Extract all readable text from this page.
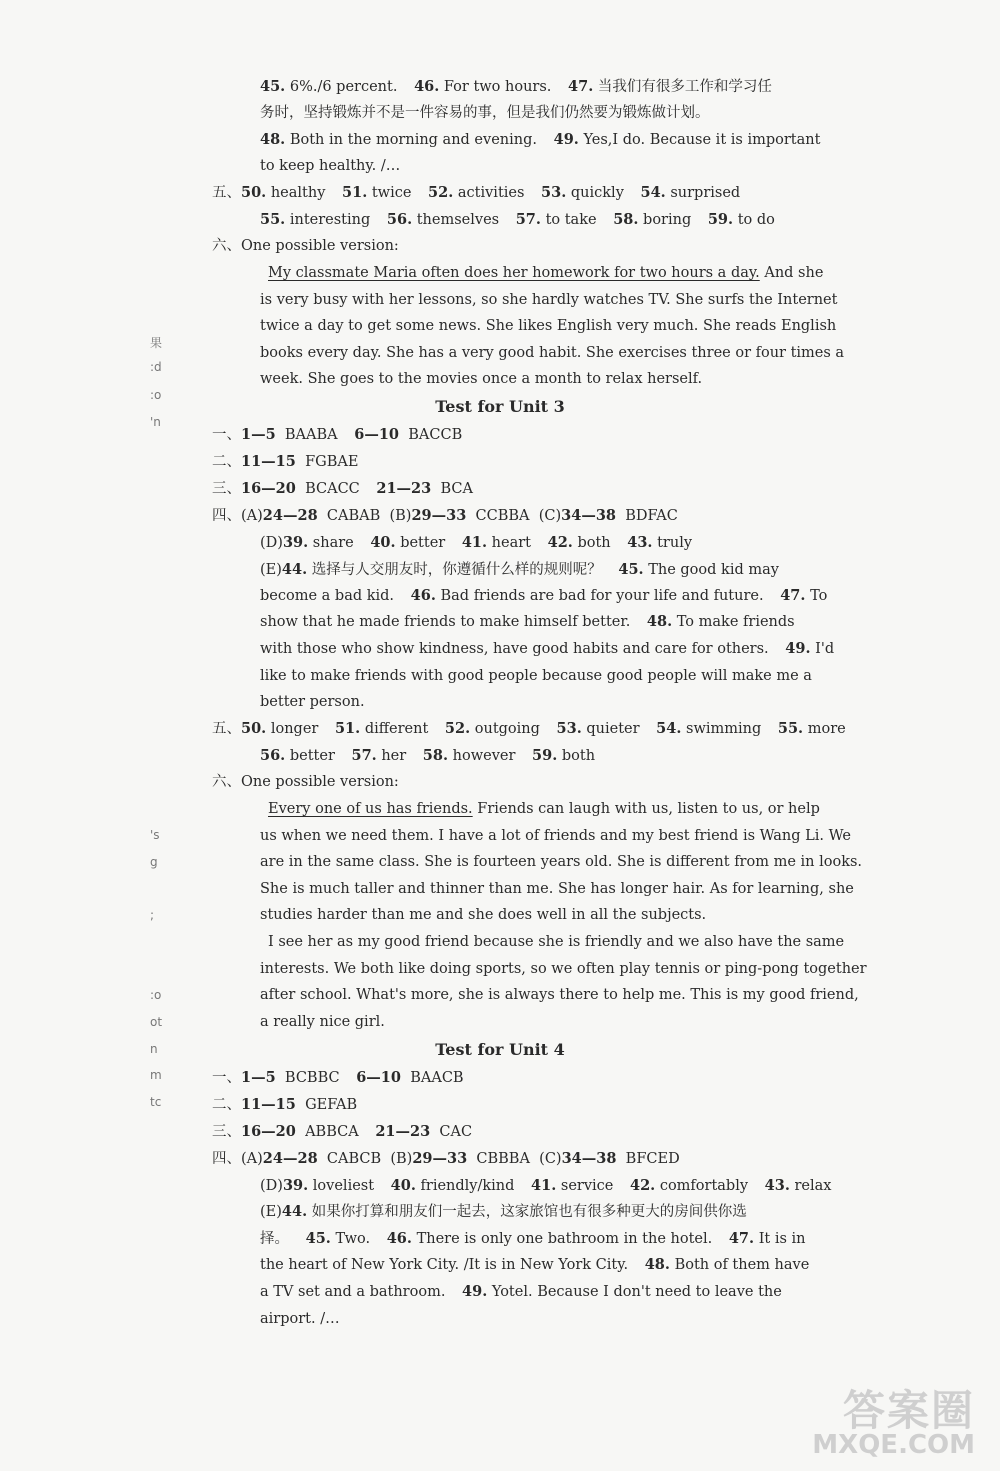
45. 6%./6 percent. 46. For two hours. 47. 当我们有很多工作和学习任
务时，坚持锻炼并不是一件容易的事，但是我们仍然要为锻炼做计划。
48. Both in the morning and evening. 49. Yes,I do. Because it is important
to keep healthy. /…
五、50. healthy 51. twice 52. activities 53. quickly 54. surprised
55. interesting 56. themselves 57. to take 58. boring 59. to do
六、One possible version:
My classmate Maria often does her homework for two hours a day. And she
is very busy with her lessons, so she hardly watches TV. She surfs the Internet
twice a day to get some news. She likes English very much. She reads English
books every day. She has a very good habit. She exercises three or four times a
week. She goes to the movies once a month to relax herself.
Test for Unit 3
一、1—5 BAABA 6—10 BACCB
二、11—15 FGBAE
三、16—20 BCACC 21—23 BCA
四、(A)24—28 CABAB (B)29—33 CCBBA (C)34—38 BDFAC
(D)39. share 40. better 41. heart 42. both 43. truly
(E)44. 选择与人交朋友时，你遵循什么样的规则呢？ 45. The good kid may
become a bad kid. 46. Bad friends are bad for your life and future. 47. To
show that he made friends to make himself better. 48. To make friends
with those who show kindness, have good habits and care for others. 49. I'd
like to make friends with good people because good people will make me a
better person.
五、50. longer 51. different 52. outgoing 53. quieter 54. swimming 55. more
56. better 57. her 58. however 59. both
六、One possible version:
Every one of us has friends. Friends can laugh with us, listen to us, or help
us when we need them. I have a lot of friends and my best friend is Wang Li. We
are in the same class. She is fourteen years old. She is different from me in looks.
She is much taller and thinner than me. She has longer hair. As for learning, she
studies harder than me and she does well in all the subjects.
I see her as my good friend because she is friendly and we also have the same
interests. We both like doing sports, so we often play tennis or ping-pong together
after school. What's more, she is always there to help me. This is my good friend,
a really nice girl.
Test for Unit 4
一、1—5 BCBBC 6—10 BAACB
二、11—15 GEFAB
三、16—20 ABBCA 21—23 CAC
四、(A)24—28 CABCB (B)29—33 CBBBA (C)34—38 BFCED
(D)39. loveliest 40. friendly/kind 41. service 42. comfortably 43. relax
(E)44. 如果你打算和朋友们一起去，这家旅馆也有很多种更大的房间供你选
择。 45. Two. 46. There is only one bathroom in the hotel. 47. It is in
the heart of New York City. /It is in New York City. 48. Both of them have
a TV set and a bathroom. 49. Yotel. Because I don't need to leave the
airport. /…
果
:d
:o
'n
's
g
;
:o
ot
n
m
tc
答案圈
MXQE.COM
